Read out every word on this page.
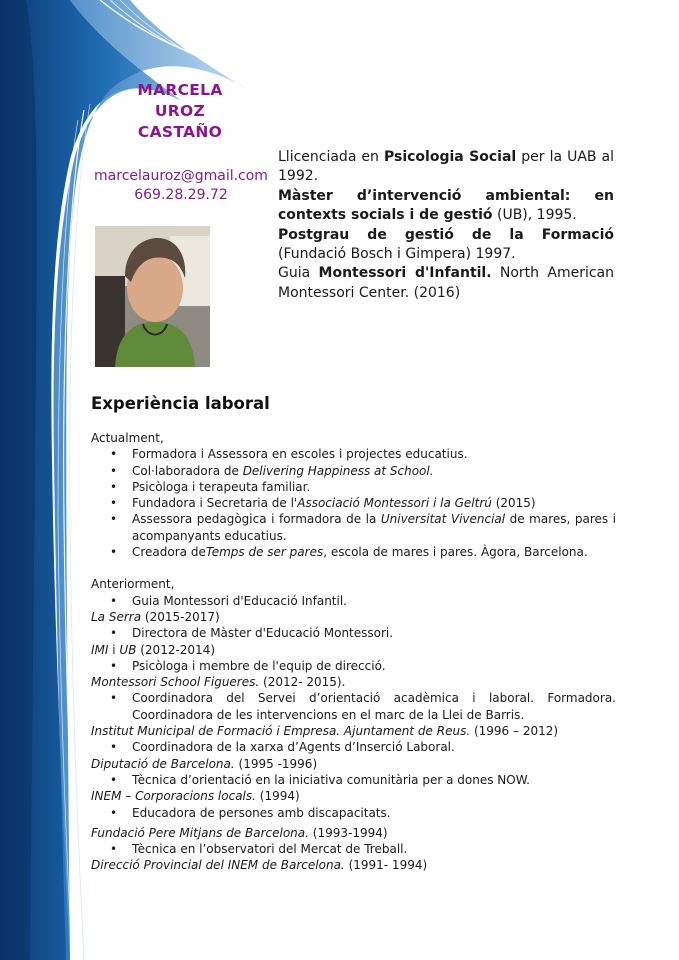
MARCELA
UROZ
CASTAÑO
marcelauroz@gmail.com
669.28.29.72

Llicenciada en Psicologia Social per la UAB al 1992.

Màster d’intervenció ambiental: en contexts socials i de gestió (UB), 1995.

Postgrau de gestió de la Formació (Fundació Bosch i Gimpera) 1997.

Guia Montessori d'Infantil. North American Montessori Center. (2016)

Experiència laboral

Actualment,

• Formadora i Assessora en escoles i projectes educatius.
• Col·laboradora de Delivering Happiness at School.
• Psicòloga i terapeuta familiar.
• Fundadora i Secretaria de l'Associació Montessori i la Geltrú (2015)
• Assessora pedagògica i formadora de la Universitat Vivencial de mares, pares i acompanyants educatius.
• Creadora deTemps de ser pares, escola de mares i pares. Àgora, Barcelona.

Anteriorment,

• Guia Montessori d'Educació Infantil.

La Serra (2015-2017)

• Directora de Màster d'Educació Montessori.

IMI i UB (2012-2014)

• Psicòloga i membre de l'equip de direcció.

Montessori School Figueres. (2012- 2015).

• Coordinadora del Servei d’orientació acadèmica i laboral. Formadora. Coordinadora de les intervencions en el marc de la Llei de Barris.

Institut Municipal de Formació i Empresa. Ajuntament de Reus. (1996 – 2012)

• Coordinadora de la xarxa d’Agents d’Inserció Laboral.

Diputació de Barcelona. (1995 -1996)

• Tècnica d’orientació en la iniciativa comunitària per a dones NOW.

INEM – Corporacions locals. (1994)

• Educadora de persones amb discapacitats.

Fundació Pere Mitjans de Barcelona. (1993-1994)

• Tècnica en l’observatori del Mercat de Treball.

Direcció Provincial del INEM de Barcelona. (1991- 1994)
